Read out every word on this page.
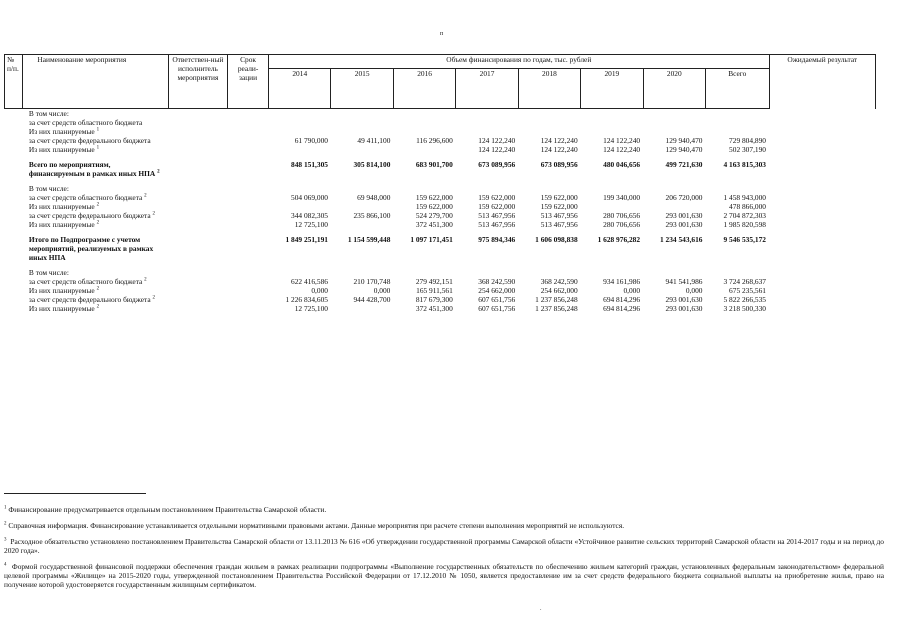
п
№ п/п.	Наименование мероприятия	Ответствен-ный исполнитель мероприятия	Срок реали-зации	Объем финансирования по годам, тыс. рублей								Ожидаемый результат
				2014	2015	2016	2017	2018	2019	2020	Всего	
	В том числе:											
	за счет средств областного бюджета											
	Из них планируемые $^1$											
	за счет средств федерального бюджета			61 790,000	49 411,100	116 296,600	124 122,240	124 122,240	124 122,240	129 940,470	729 804,890	
	Из них планируемые $^1$						124 122,240	124 122,240	124 122,240	129 940,470	502 307,190	

	Всего по мероприятиям, финансируемым в рамках иных НПА $^2$			848 151,305	305 814,100	683 901,700	673 089,956	673 089,956	480 046,656	499 721,630	4 163 815,303	

	В том числе:											
	за счет средств областного бюджета $^2$			504 069,000	69 948,000	159 622,000	159 622,000	159 622,000	199 340,000	206 720,000	1 458 943,000	
	Из них планируемые $^2$					159 622,000	159 622,000	159 622,000			478 866,000	
	за счет средств федерального бюджета $^2$			344 082,305	235 866,100	524 279,700	513 467,956	513 467,956	280 706,656	293 001,630	2 704 872,303	
	Из них планируемые $^2$			12 725,100		372 451,300	513 467,956	513 467,956	280 706,656	293 001,630	1 985 820,598	

	Итого по Подпрограмме с учетом мероприятий, реализуемых в рамках иных НПА			1 849 251,191	1 154 599,448	1 097 171,451	975 894,346	1 606 098,838	1 628 976,282	1 234 543,616	9 546 535,172	

	В том числе:											
	за счет средств областного бюджета $^2$			622 416,586	210 170,748	279 492,151	368 242,590	368 242,590	934 161,986	941 541,986	3 724 268,637	
	Из них планируемые $^2$			0,000	0,000	165 911,561	254 662,000	254 662,000	0,000	0,000	675 235,561	
	за счет средств федерального бюджета $^2$			1 226 834,605	944 428,700	817 679,300	607 651,756	1 237 856,248	694 814,296	293 001,630	5 822 266,535	
	Из них планируемые $^2$			12 725,100		372 451,300	607 651,756	1 237 856,248	694 814,296	293 001,630	3 218 500,330	
$^1$ Финансирование предусматривается отдельным постановлением Правительства Самарской области.
$^2$ Справочная информация. Финансирование устанавливается отдельными нормативными правовыми актами. Данные мероприятия при расчете степени выполнения мероприятий не используются.
$^3$ Расходное обязательство установлено постановлением Правительства Самарской области от 13.11.2013 № 616 «Об утверждении государственной программы Самарской области «Устойчивое развитие сельских территорий Самарской области на 2014-2017 годы и на период до 2020 года».
$^4$ Формой государственной финансовой поддержки обеспечения граждан жильем в рамках реализации подпрограммы «Выполнение государственных обязательств по обеспечению жильем категорий граждан, установленных федеральным законодательством» федеральной целевой программы «Жилище» на 2015-2020 годы, утвержденной постановлением Правительства Российской Федерации от 17.12.2010 № 1050, является предоставление им за счет средств федерального бюджета социальной выплаты на приобретение жилья, право на получение которой удостоверяется государственным жилищным сертификатом.
.
